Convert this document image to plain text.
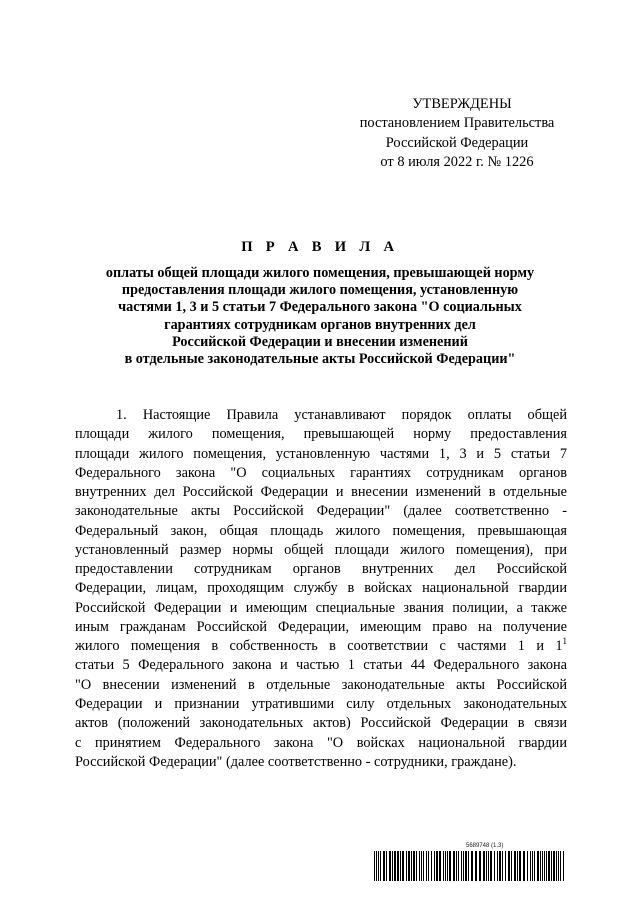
УТВЕРЖДЕНЫ
постановлением Правительства
Российской Федерации
от 8 июля 2022 г. № 1226
П Р А В И Л А
оплаты общей площади жилого помещения, превышающей норму
предоставления площади жилого помещения, установленную
частями 1, 3 и 5 статьи 7 Федерального закона "О социальных
гарантиях сотрудникам органов внутренних дел
Российской Федерации и внесении изменений
в отдельные законодательные акты Российской Федерации"
1. Настоящие Правила устанавливают порядок оплаты общей
площади жилого помещения, превышающей норму предоставления
площади жилого помещения, установленную частями 1, 3 и 5 статьи 7
Федерального закона "О социальных гарантиях сотрудникам органов
внутренних дел Российской Федерации и внесении изменений в отдельные
законодательные акты Российской Федерации" (далее соответственно -
Федеральный закон, общая площадь жилого помещения, превышающая
установленный размер нормы общей площади жилого помещения), при
предоставлении сотрудникам органов внутренних дел Российской
Федерации, лицам, проходящим службу в войсках национальной гвардии
Российской Федерации и имеющим специальные звания полиции, а также
иным гражданам Российской Федерации, имеющим право на получение
жилого помещения в собственность в соответствии с частями 1 и $1^1$
статьи 5 Федерального закона и частью 1 статьи 44 Федерального закона
"О внесении изменений в отдельные законодательные акты Российской
Федерации и признании утратившими силу отдельных законодательных
актов (положений законодательных актов) Российской Федерации в связи
с принятием Федерального закона "О войсках национальной гвардии
Российской Федерации" (далее соответственно - сотрудники, граждане).
5689748 (1.3)
